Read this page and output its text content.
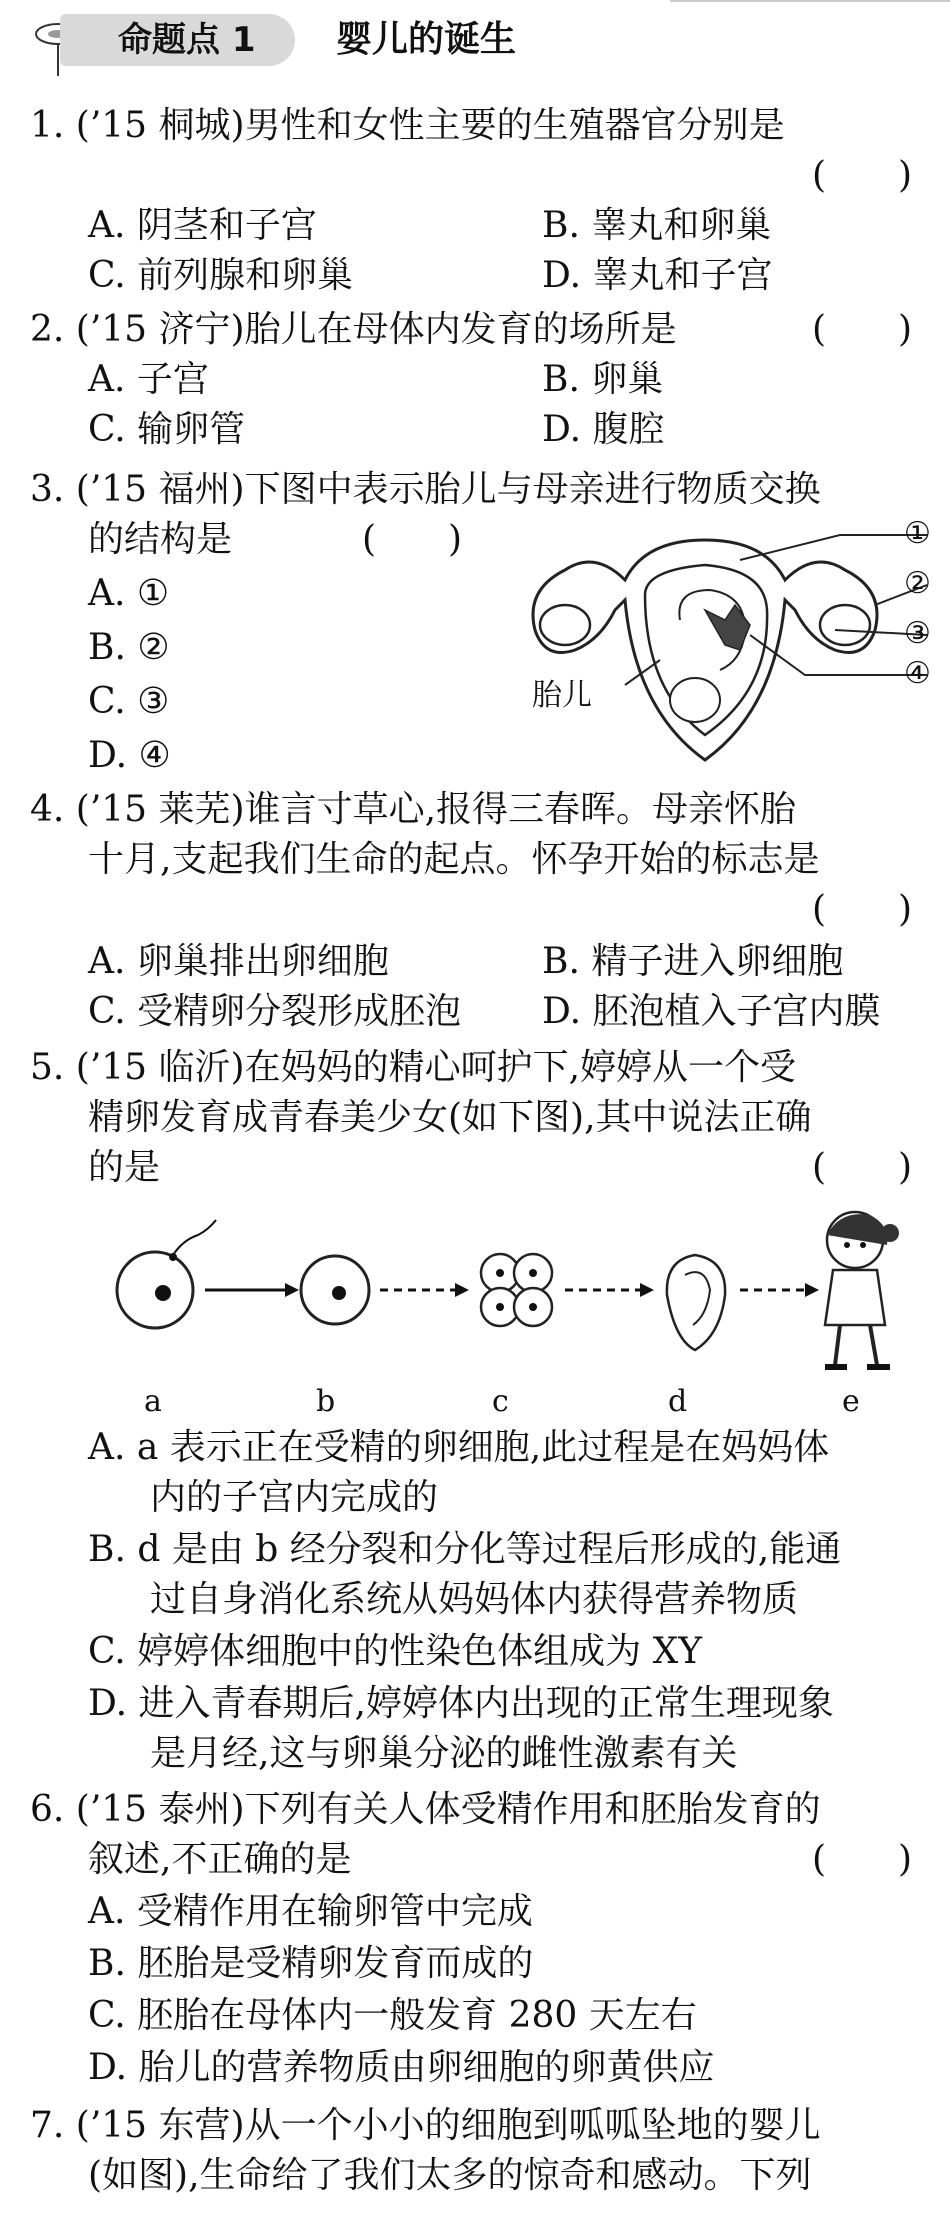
命题点 1 婴儿的诞生
1. (’15 桐城)男性和女性主要的生殖器官分别是
(　　)
A. 阴茎和子宫	B. 睾丸和卵巢
C. 前列腺和卵巢	D. 睾丸和子宫
2. (’15 济宁)胎儿在母体内发育的场所是	(　　)
A. 子宫	B. 卵巢
C. 输卵管	D. 腹腔
3. (’15 福州)下图中表示胎儿与母亲进行物质交换
的结构是	(　　)
A. ①
B. ②
C. ③
D. ④
胎儿
①
②
③
④
4. (’15 莱芜)谁言寸草心,报得三春晖。母亲怀胎
十月,支起我们生命的起点。怀孕开始的标志是
(　　)
A. 卵巢排出卵细胞	B. 精子进入卵细胞
C. 受精卵分裂形成胚泡 D. 胚泡植入子宫内膜
5. (’15 临沂)在妈妈的精心呵护下,婷婷从一个受
精卵发育成青春美少女(如下图),其中说法正确
的是	(　　)
a	b	c	d	e
A. a 表示正在受精的卵细胞,此过程是在妈妈体
内的子宫内完成的
B. d 是由 b 经分裂和分化等过程后形成的,能通
过自身消化系统从妈妈体内获得营养物质
C. 婷婷体细胞中的性染色体组成为 XY
D. 进入青春期后,婷婷体内出现的正常生理现象
是月经,这与卵巢分泌的雌性激素有关
6. (’15 泰州)下列有关人体受精作用和胚胎发育的
叙述,不正确的是	(　　)
A. 受精作用在输卵管中完成
B. 胚胎是受精卵发育而成的
C. 胚胎在母体内一般发育 280 天左右
D. 胎儿的营养物质由卵细胞的卵黄供应
7. (’15 东营)从一个小小的细胞到呱呱坠地的婴儿
(如图),生命给了我们太多的惊奇和感动。下列
